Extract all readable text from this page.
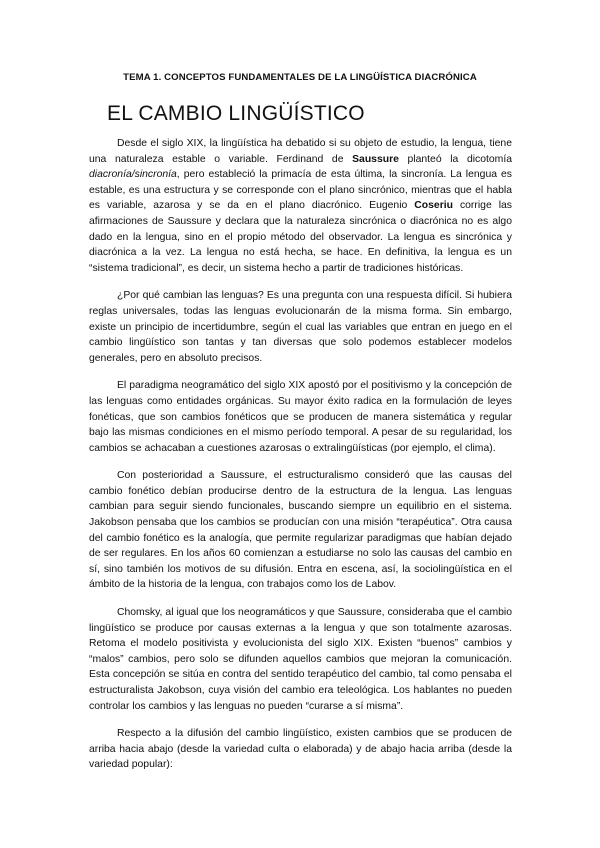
TEMA 1. CONCEPTOS FUNDAMENTALES DE LA LINGÜÍSTICA DIACRÓNICA
EL CAMBIO LINGÜÍSTICO

Desde el siglo XIX, la lingüística ha debatido si su objeto de estudio, la lengua, tiene una naturaleza estable o variable. Ferdinand de Saussure planteó la dicotomía diacronía/sincronía, pero estableció la primacía de esta última, la sincronía. La lengua es estable, es una estructura y se corresponde con el plano sincrónico, mientras que el habla es variable, azarosa y se da en el plano diacrónico. Eugenio Coseriu corrige las afirmaciones de Saussure y declara que la naturaleza sincrónica o diacrónica no es algo dado en la lengua, sino en el propio método del observador. La lengua es sincrónica y diacrónica a la vez. La lengua no está hecha, se hace. En definitiva, la lengua es un “sistema tradicional”, es decir, un sistema hecho a partir de tradiciones históricas.

¿Por qué cambian las lenguas? Es una pregunta con una respuesta difícil. Si hubiera reglas universales, todas las lenguas evolucionarán de la misma forma. Sin embargo, existe un principio de incertidumbre, según el cual las variables que entran en juego en el cambio lingüístico son tantas y tan diversas que solo podemos establecer modelos generales, pero en absoluto precisos.

El paradigma neogramático del siglo XIX apostó por el positivismo y la concepción de las lenguas como entidades orgánicas. Su mayor éxito radica en la formulación de leyes fonéticas, que son cambios fonéticos que se producen de manera sistemática y regular bajo las mismas condiciones en el mismo período temporal. A pesar de su regularidad, los cambios se achacaban a cuestiones azarosas o extralingüísticas (por ejemplo, el clima).

Con posterioridad a Saussure, el estructuralismo consideró que las causas del cambio fonético debían producirse dentro de la estructura de la lengua. Las lenguas cambian para seguir siendo funcionales, buscando siempre un equilibrio en el sistema. Jakobson pensaba que los cambios se producían con una misión “terapéutica”. Otra causa del cambio fonético es la analogía, que permite regularizar paradigmas que habían dejado de ser regulares. En los años 60 comienzan a estudiarse no solo las causas del cambio en sí, sino también los motivos de su difusión. Entra en escena, así, la sociolingüística en el ámbito de la historia de la lengua, con trabajos como los de Labov.

Chomsky, al igual que los neogramáticos y que Saussure, consideraba que el cambio lingüístico se produce por causas externas a la lengua y que son totalmente azarosas. Retoma el modelo positivista y evolucionista del siglo XIX. Existen “buenos” cambios y “malos” cambios, pero solo se difunden aquellos cambios que mejoran la comunicación. Esta concepción se sitúa en contra del sentido terapéutico del cambio, tal como pensaba el estructuralista Jakobson, cuya visión del cambio era teleológica. Los hablantes no pueden controlar los cambios y las lenguas no pueden “curarse a sí misma”.

Respecto a la difusión del cambio lingüístico, existen cambios que se producen de arriba hacia abajo (desde la variedad culta o elaborada) y de abajo hacia arriba (desde la variedad popular):
